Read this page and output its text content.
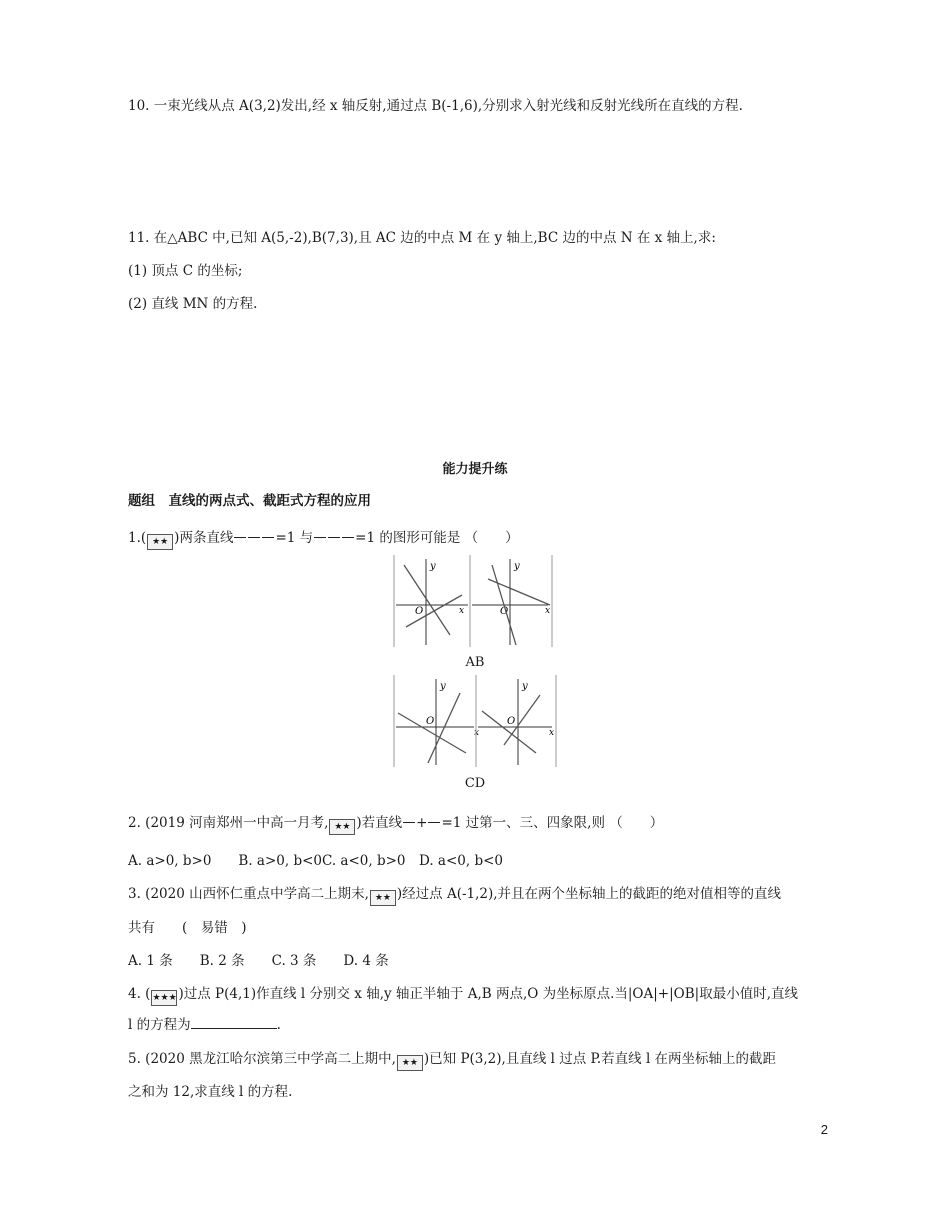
10. 一束光线从点 A(3,2)发出,经 x 轴反射,通过点 B(-1,6),分别求入射光线和反射光线所在直线的方程.
11. 在△ABC 中,已知 A(5,-2),B(7,3),且 AC 边的中点 M 在 y 轴上,BC 边的中点 N 在 x 轴上,求:
(1) 顶点 C 的坐标;
(2) 直线 MN 的方程.
能力提升练
题组　直线的两点式、截距式方程的应用
1.( ★★ )两条直线	=1 与	=1 的图形可能是 （　　）
y
x
O
y
x
O
AB
y
x
O
y
x
O
CD
2. (2019 河南郑州一中高一月考, ★★ )若直线 + =1 过第一、三、四象限,则 （　　）
A. a>0, b>0　　B. a>0, b<0C. a<0, b>0　D. a<0, b<0
3. (2020 山西怀仁重点中学高二上期末, ★★ )经过点 A(-1,2),并且在两个坐标轴上的截距的绝对值相等的直线
共有　　(　易错　)
A. 1 条　　B. 2 条　　C. 3 条　　D. 4 条
4. ( ★★★ )过点 P(4,1)作直线 l 分别交 x 轴,y 轴正半轴于 A,B 两点,O 为坐标原点.当|OA|+|OB|取最小值时,直线
l 的方程为	.
5. (2020 黑龙江哈尔滨第三中学高二上期中, ★★ )已知 P(3,2),且直线 l 过点 P.若直线 l 在两坐标轴上的截距
之和为 12,求直线 l 的方程.
2
